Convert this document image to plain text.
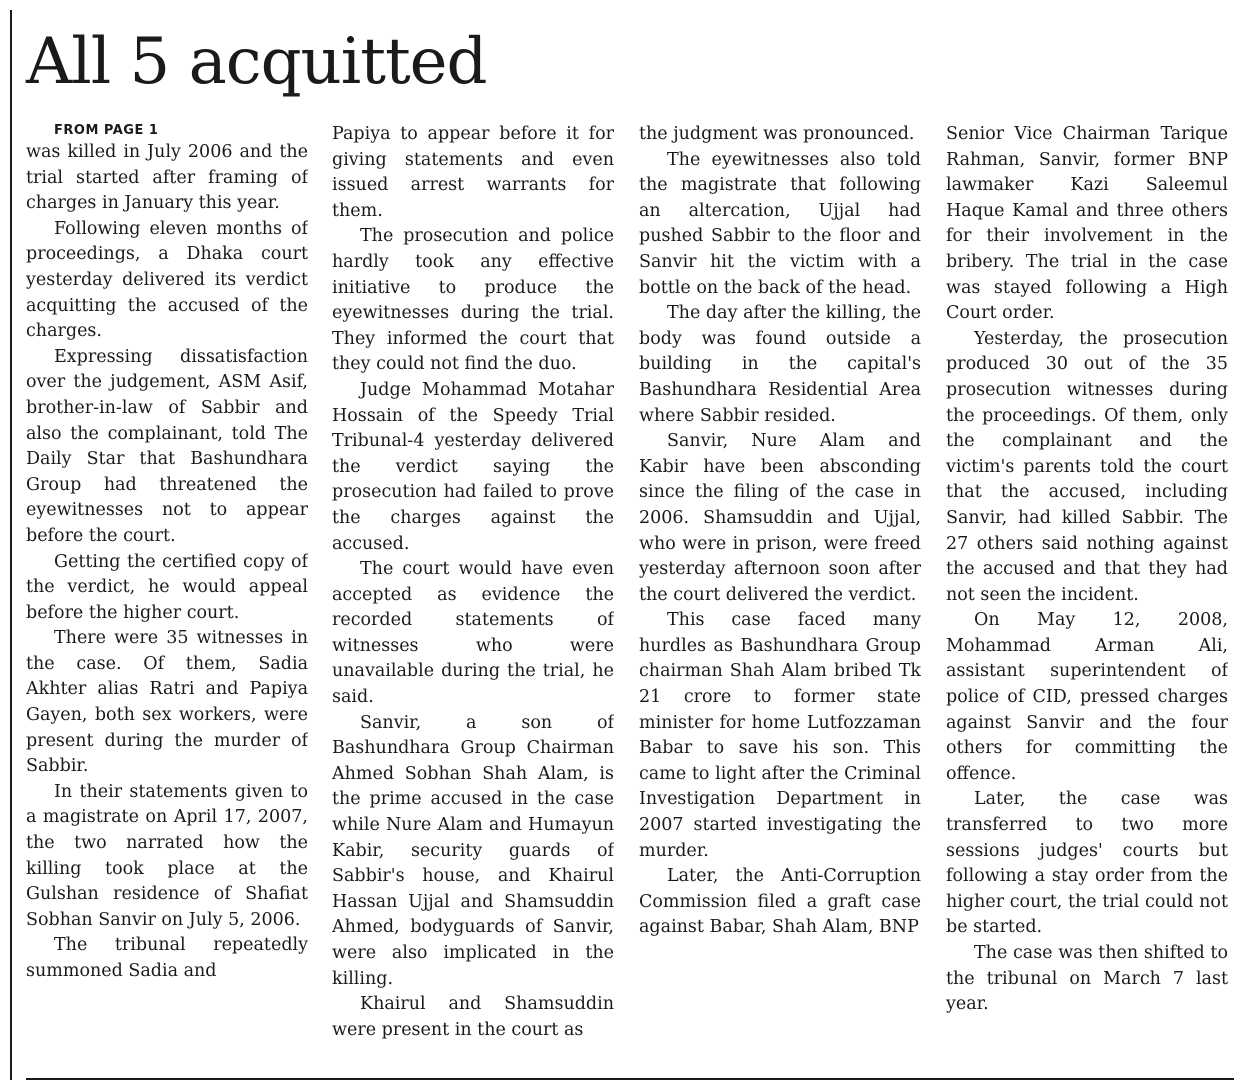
All 5 acquitted

FROM PAGE 1

was killed in July 2006 and the trial started after framing of charges in January this year.

Following eleven months of proceedings, a Dhaka court yesterday delivered its verdict acquitting the accused of the charges.

Expressing dissatisfaction over the judgement, ASM Asif, brother-in-law of Sabbir and also the complainant, told The Daily Star that Bashundhara Group had threatened the eyewitnesses not to appear before the court.

Getting the certified copy of the verdict, he would appeal before the higher court.

There were 35 witnesses in the case. Of them, Sadia Akhter alias Ratri and Papiya Gayen, both sex workers, were present during the murder of Sabbir.

In their statements given to a magistrate on April 17, 2007, the two narrated how the killing took place at the Gulshan residence of Shafiat Sobhan Sanvir on July 5, 2006.

The tribunal repeatedly summoned Sadia and

Papiya to appear before it for giving statements and even issued arrest warrants for them.

The prosecution and police hardly took any effective initiative to produce the eyewitnesses during the trial. They informed the court that they could not find the duo.

Judge Mohammad Motahar Hossain of the Speedy Trial Tribunal-4 yesterday delivered the verdict saying the prosecution had failed to prove the charges against the accused.

The court would have even accepted as evidence the recorded statements of witnesses who were unavailable during the trial, he said.

Sanvir, a son of Bashundhara Group Chairman Ahmed Sobhan Shah Alam, is the prime accused in the case while Nure Alam and Humayun Kabir, security guards of Sabbir's house, and Khairul Hassan Ujjal and Shamsuddin Ahmed, bodyguards of Sanvir, were also implicated in the killing.

Khairul and Shamsuddin were present in the court as

the judgment was pronounced.

The eyewitnesses also told the magistrate that following an altercation, Ujjal had pushed Sabbir to the floor and Sanvir hit the victim with a bottle on the back of the head.

The day after the killing, the body was found outside a building in the capital's Bashundhara Residential Area where Sabbir resided.

Sanvir, Nure Alam and Kabir have been absconding since the filing of the case in 2006. Shamsuddin and Ujjal, who were in prison, were freed yesterday afternoon soon after the court delivered the verdict.

This case faced many hurdles as Bashundhara Group chairman Shah Alam bribed Tk 21 crore to former state minister for home Lutfozzaman Babar to save his son. This came to light after the Criminal Investigation Department in 2007 started investigating the murder.

Later, the Anti-Corruption Commission filed a graft case against Babar, Shah Alam, BNP

Senior Vice Chairman Tarique Rahman, Sanvir, former BNP lawmaker Kazi Saleemul Haque Kamal and three others for their involvement in the bribery. The trial in the case was stayed following a High Court order.

Yesterday, the prosecution produced 30 out of the 35 prosecution witnesses during the proceedings. Of them, only the complainant and the victim's parents told the court that the accused, including Sanvir, had killed Sabbir. The 27 others said nothing against the accused and that they had not seen the incident.

On May 12, 2008, Mohammad Arman Ali, assistant superintendent of police of CID, pressed charges against Sanvir and the four others for committing the offence.

Later, the case was transferred to two more sessions judges' courts but following a stay order from the higher court, the trial could not be started.

The case was then shifted to the tribunal on March 7 last year.
